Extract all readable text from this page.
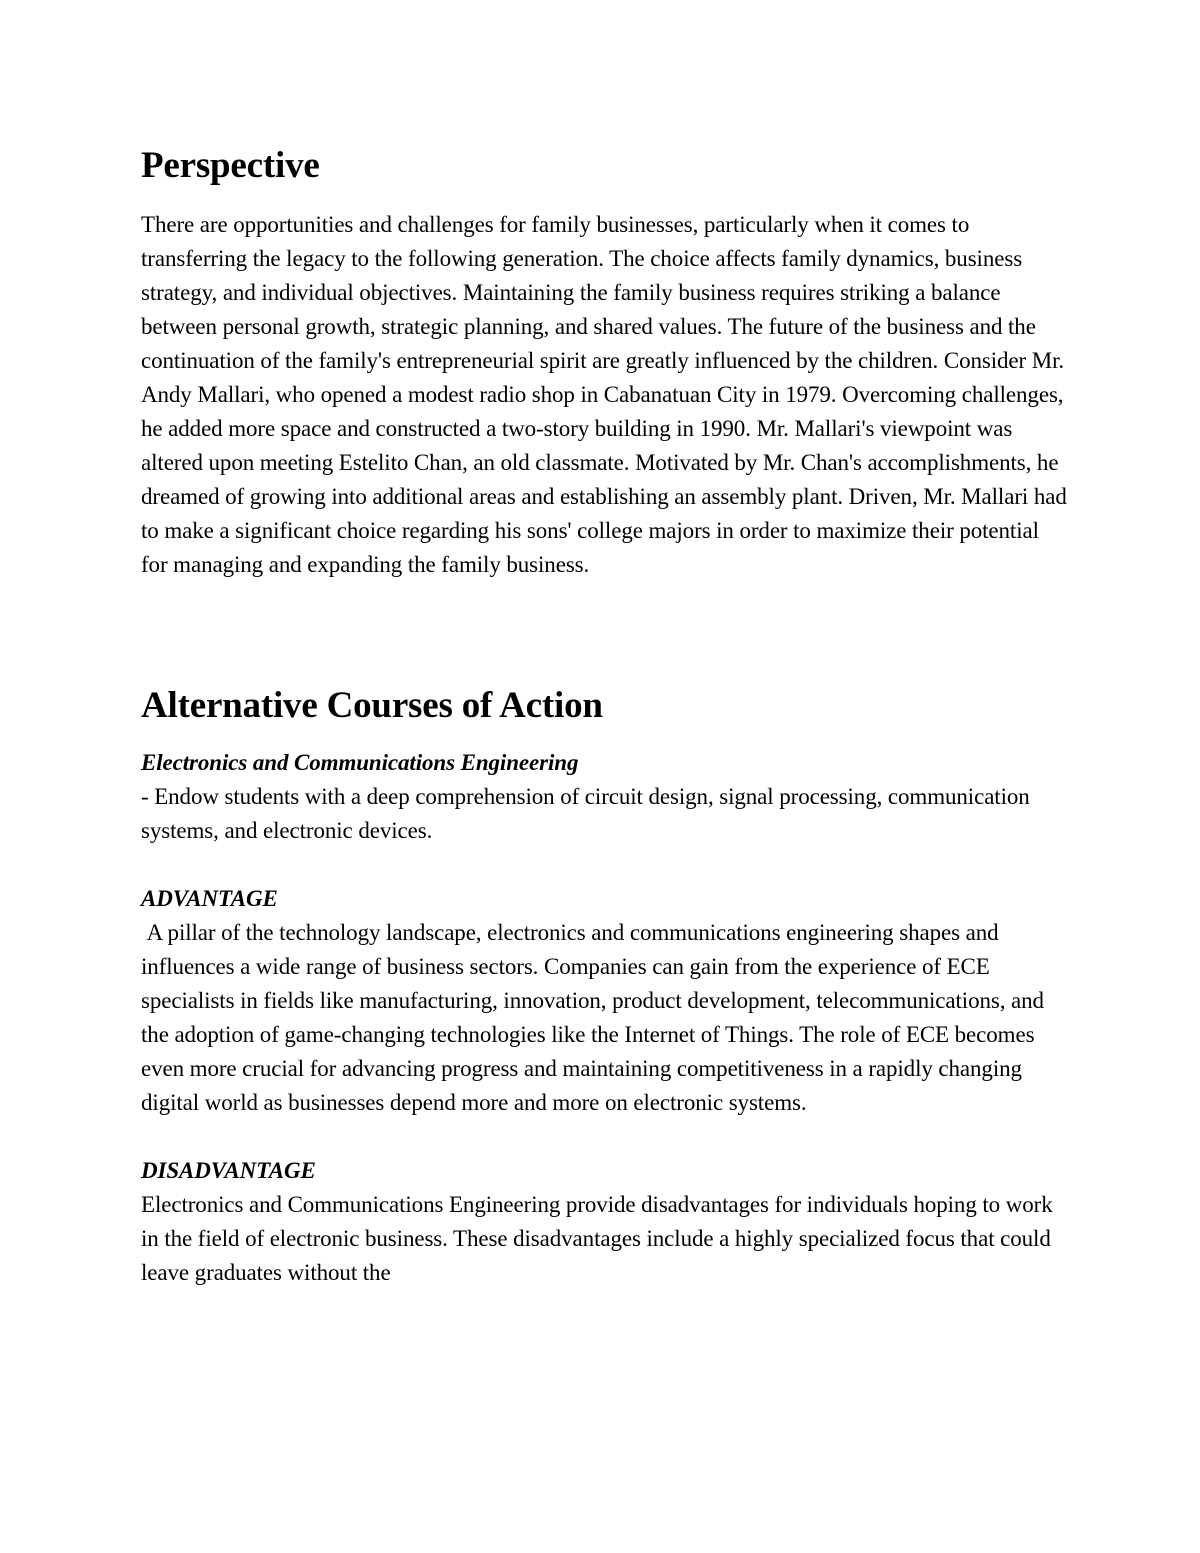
Perspective

There are opportunities and challenges for family businesses, particularly when it comes to transferring the legacy to the following generation. The choice affects family dynamics, business strategy, and individual objectives. Maintaining the family business requires striking a balance between personal growth, strategic planning, and shared values. The future of the business and the continuation of the family's entrepreneurial spirit are greatly influenced by the children. Consider Mr. Andy Mallari, who opened a modest radio shop in Cabanatuan City in 1979. Overcoming challenges, he added more space and constructed a two-story building in 1990. Mr. Mallari's viewpoint was altered upon meeting Estelito Chan, an old classmate. Motivated by Mr. Chan's accomplishments, he dreamed of growing into additional areas and establishing an assembly plant. Driven, Mr. Mallari had to make a significant choice regarding his sons' college majors in order to maximize their potential for managing and expanding the family business.

Alternative Courses of Action
Electronics and Communications Engineering

- Endow students with a deep comprehension of circuit design, signal processing, communication systems, and electronic devices.

ADVANTAGE

A pillar of the technology landscape, electronics and communications engineering shapes and influences a wide range of business sectors. Companies can gain from the experience of ECE specialists in fields like manufacturing, innovation, product development, telecommunications, and the adoption of game-changing technologies like the Internet of Things. The role of ECE becomes even more crucial for advancing progress and maintaining competitiveness in a rapidly changing digital world as businesses depend more and more on electronic systems.

DISADVANTAGE

Electronics and Communications Engineering provide disadvantages for individuals hoping to work in the field of electronic business. These disadvantages include a highly specialized focus that could leave graduates without the
